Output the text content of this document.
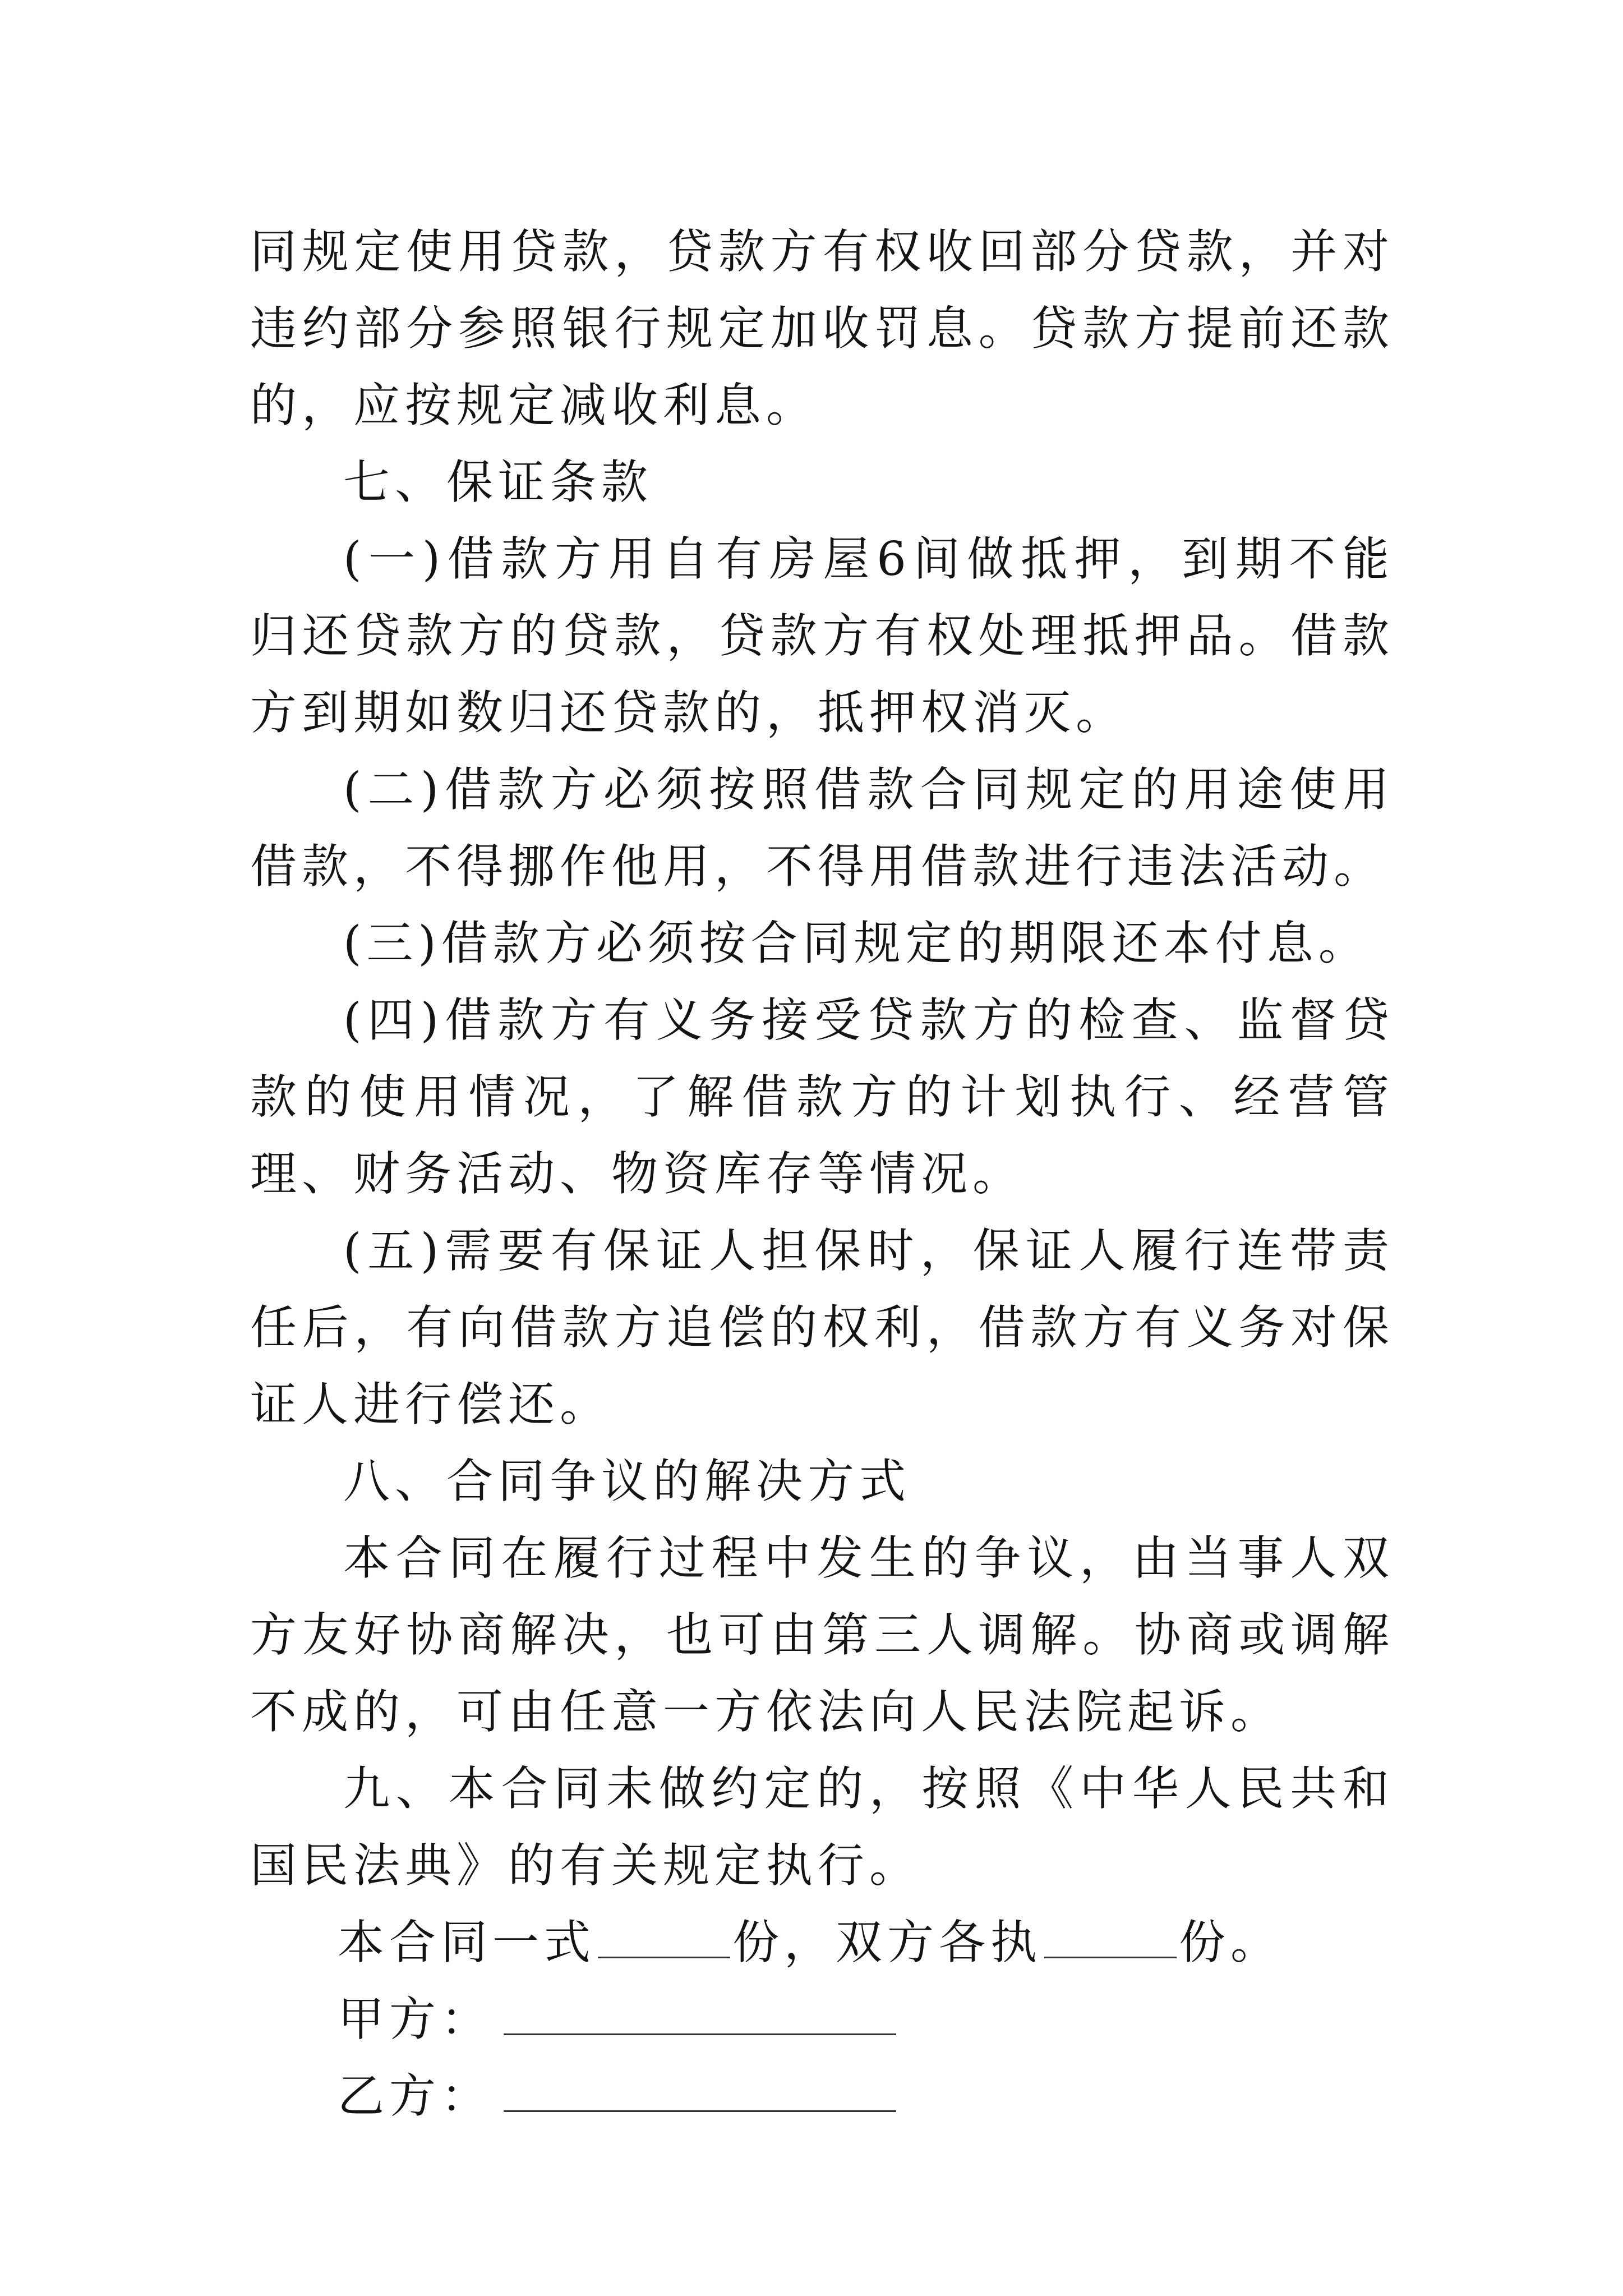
同规定使用贷款，贷款方有权收回部分贷款，并对违约部分参照银行规定加收罚息。贷款方提前还款的，应按规定减收利息。

七、保证条款

(一)借款方用自有房屋6间做抵押，到期不能归还贷款方的贷款，贷款方有权处理抵押品。借款方到期如数归还贷款的，抵押权消灭。

(二)借款方必须按照借款合同规定的用途使用借款，不得挪作他用，不得用借款进行违法活动。

(三)借款方必须按合同规定的期限还本付息。

(四)借款方有义务接受贷款方的检查、监督贷款的使用情况，了解借款方的计划执行、经营管理、财务活动、物资库存等情况。

(五)需要有保证人担保时，保证人履行连带责任后，有向借款方追偿的权利，借款方有义务对保证人进行偿还。

八、合同争议的解决方式

本合同在履行过程中发生的争议，由当事人双方友好协商解决，也可由第三人调解。协商或调解不成的，可由任意一方依法向人民法院起诉。

九、本合同未做约定的，按照《中华人民共和国民法典》的有关规定执行。

本合同一式	份，双方各执	份。

甲方：

乙方：
